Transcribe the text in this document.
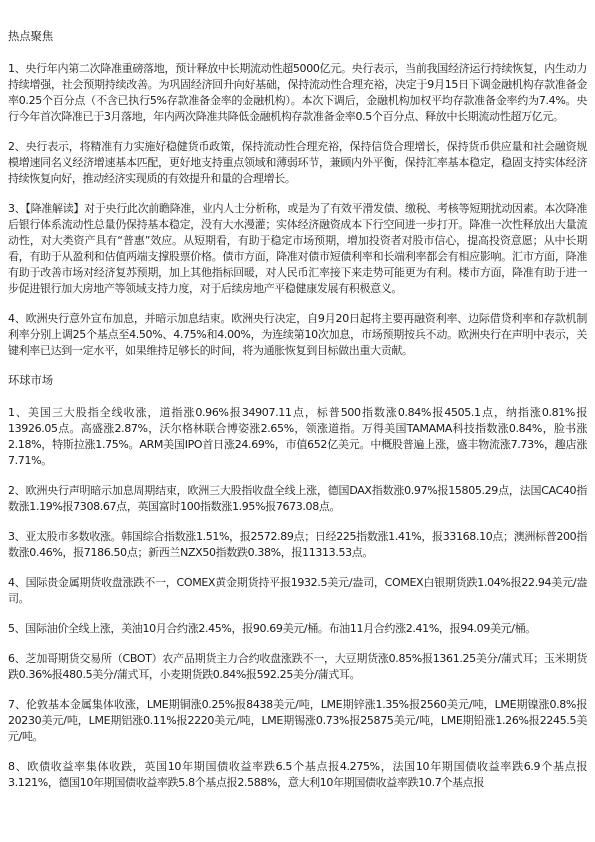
热点聚焦

1、央行年内第二次降准重磅落地，预计释放中长期流动性超5000亿元。央行表示，当前我国经济运行持续恢复，内生动力持续增强，社会预期持续改善。为巩固经济回升向好基础，保持流动性合理充裕，决定于9月15日下调金融机构存款准备金率0.25个百分点（不含已执行5%存款准备金率的金融机构）。本次下调后，金融机构加权平均存款准备金率约为7.4%。央行今年首次降准已于3月落地，年内两次降准共降低金融机构存款准备金率0.5个百分点、释放中长期流动性超万亿元。

2、央行表示，将精准有力实施好稳健货币政策，保持流动性合理充裕，保持信贷合理增长，保持货币供应量和社会融资规模增速同名义经济增速基本匹配，更好地支持重点领域和薄弱环节，兼顾内外平衡，保持汇率基本稳定，稳固支持实体经济持续恢复向好，推动经济实现质的有效提升和量的合理增长。

3、【降准解读】对于央行此次前瞻降准，业内人士分析称，或是为了有效平滑发债、缴税、考核等短期扰动因素。本次降准后银行体系流动性总量仍保持基本稳定，没有大水漫灌；实体经济融资成本下行空间进一步打开。降准一次性释放出大量流动性，对大类资产具有“普惠”效应。从短期看，有助于稳定市场预期，增加投资者对股市信心，提高投资意愿；从中长期看，有助于从盈利和估值两端支撑股票价格。债市方面，降准对债市短债利率和长端利率都会有相应影响。汇市方面，降准有助于改善市场对经济复苏预期，加上其他指标回暖，对人民币汇率接下来走势可能更为有利。楼市方面，降准有助于进一步促进银行加大房地产等领域支持力度，对于后续房地产平稳健康发展有积极意义。

4、欧洲央行意外宣布加息，并暗示加息结束。欧洲央行决定，自9月20日起将主要再融资利率、边际借贷利率和存款机制利率分别上调25个基点至4.50%、4.75%和4.00%，为连续第10次加息，市场预期按兵不动。欧洲央行在声明中表示，关键利率已达到一定水平，如果维持足够长的时间，将为通胀恢复到目标做出重大贡献。

环球市场

1、美国三大股指全线收涨，道指涨0.96%报34907.11点，标普500指数涨0.84%报4505.1点，纳指涨0.81%报13926.05点。高盛涨2.87%，沃尔格林联合博姿涨2.65%，领涨道指。万得美国TAMAMA科技指数涨0.84%，脸书涨2.18%，特斯拉涨1.75%。ARM美国IPO首日涨24.69%，市值652亿美元。中概股普遍上涨，盛丰物流涨7.73%，趣店涨7.71%。

2、欧洲央行声明暗示加息周期结束，欧洲三大股指收盘全线上涨，德国DAX指数涨0.97%报15805.29点，法国CAC40指数涨1.19%报7308.67点，英国富时100指数涨1.95%报7673.08点。

3、亚太股市多数收涨。韩国综合指数涨1.51%，报2572.89点；日经225指数涨1.41%，报33168.10点；澳洲标普200指数涨0.46%，报7186.50点；新西兰NZX50指数跌0.38%，报11313.53点。

4、国际贵金属期货收盘涨跌不一，COMEX黄金期货持平报1932.5美元/盎司，COMEX白银期货跌1.04%报22.94美元/盎司。

5、国际油价全线上涨，美油10月合约涨2.45%，报90.69美元/桶。布油11月合约涨2.41%，报94.09美元/桶。

6、芝加哥期货交易所（CBOT）农产品期货主力合约收盘涨跌不一，大豆期货涨0.85%报1361.25美分/蒲式耳；玉米期货跌0.36%报480.5美分/蒲式耳，小麦期货跌0.84%报592.25美分/蒲式耳。

7、伦敦基本金属集体收涨，LME期铜涨0.25%报8438美元/吨，LME期锌涨1.35%报2560美元/吨，LME期镍涨0.8%报20230美元/吨，LME期铝涨0.11%报2220美元/吨，LME期锡涨0.73%报25875美元/吨，LME期铅涨1.26%报2245.5美元/吨。

8、欧债收益率集体收跌，英国10年期国债收益率跌6.5个基点报4.275%，法国10年期国债收益率跌6.9个基点报3.121%，德国10年期国债收益率跌5.8个基点报2.588%，意大利10年期国债收益率跌10.7个基点报
